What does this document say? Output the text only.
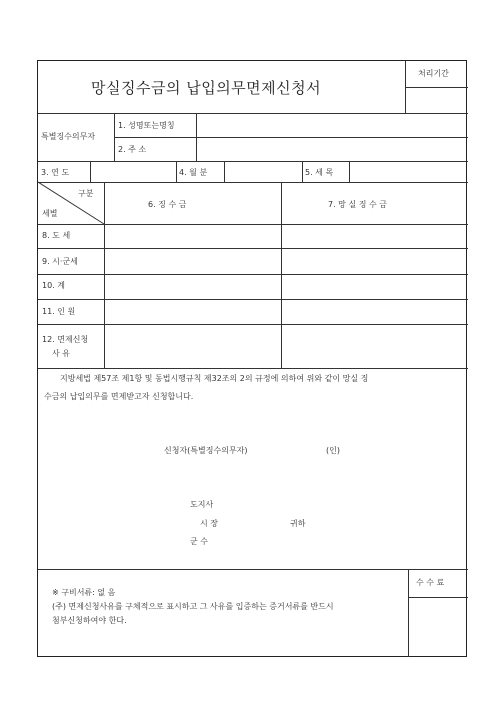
망실징수금의 납입의무면제신청서
처리기간
특별징수의무자
1. 성명또는명칭
2. 주 소
3. 연 도	4. 월 분	5. 세 목
구분
세별
6. 징 수 금	7. 망 실 징 수 금
8. 도 세
9. 시·군세
10. 계
11. 인 원
12. 면제신청
사 유
지방세법 제57조 제1항 및 동법시행규칙 제32조의 2의 규정에 의하여 위와 같이 망실 징
수금의 납입의무를 면제받고자 신청합니다.
신청자(특별징수의무자)	(인)
도지사
시 장	귀하
군 수
수 수 료
※ 구비서류: 없 음
(주) 면제신청사유를 구체적으로 표시하고 그 사유를 입증하는 증거서류를 반드시
첨부신청하여야 한다.
